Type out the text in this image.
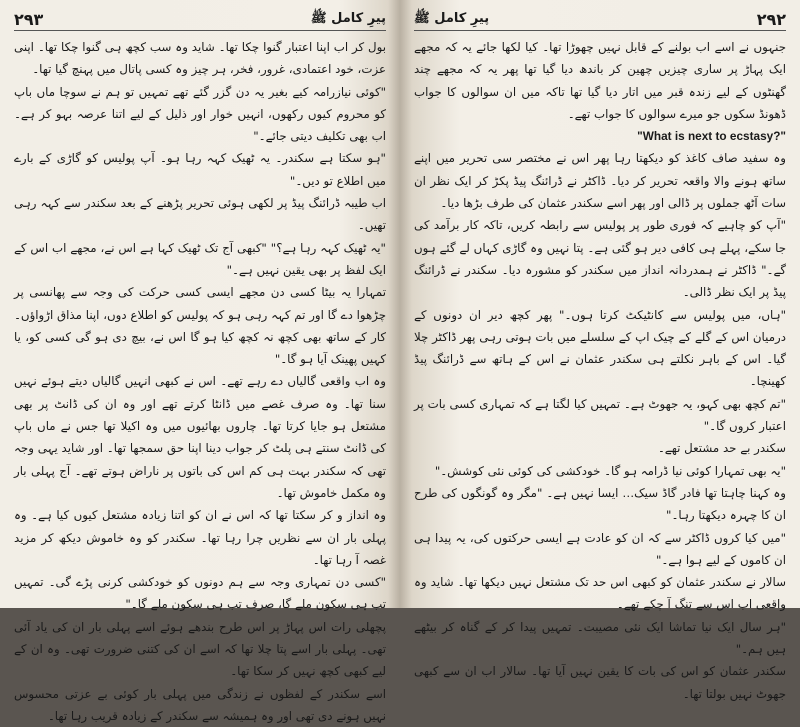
۲۹۳	پیرِ کامل ﷺ

بول کر اب اپنا اعتبار گنوا چکا تھا۔ شاید وہ سب کچھ ہی گنوا چکا تھا۔ اپنی عزت، خود اعتمادی، غرور، فخر، ہر چیز وہ کسی پاتال میں پہنچ گیا تھا۔

"کوئی نیازرامہ کیے بغیر یہ دن گزر گئے تھے تمہیں تو ہم نے سوچا ماں باپ کو محروم کیوں رکھوں، انہیں خوار اور ذلیل کے لیے اتنا عرصہ بہو کر ہے۔ اب بھی تکلیف دیتی جائے۔"

"ہو سکتا ہے سکندر۔ یہ ٹھیک کہہ رہا ہو۔ آپ پولیس کو گاڑی کے بارے میں اطلاع تو دیں۔"

اب طیبہ ڈرائنگ پیڈ پر لکھی ہوئی تحریر پڑھنے کے بعد سکندر سے کہہ رہی تھیں۔

"یہ ٹھیک کہہ رہا ہے؟" "کبھی آج تک ٹھیک کہا ہے اس نے، مجھے اب اس کے ایک لفظ پر بھی یقین نہیں ہے۔"

تمہارا یہ بیٹا کسی دن مجھے ایسی کسی حرکت کی وجہ سے پھانسی پر چڑھوا دے گا اور تم کہہ رہی ہو کہ پولیس کو اطلاع دوں، اپنا مذاق اڑواؤں۔ کار کے ساتھ بھی کچھ نہ کچھ کیا ہو گا اس نے، بیچ دی ہو گی کسی کو، یا کہیں پھینک آیا ہو گا۔"

وہ اب واقعی گالیاں دے رہے تھے۔ اس نے کبھی انہیں گالیاں دیتے ہوئے نہیں سنا تھا۔ وہ صرف غصے میں ڈانٹا کرتے تھے اور وہ ان کی ڈانٹ پر بھی مشتعل ہو جایا کرتا تھا۔ چاروں بھائیوں میں وہ اکیلا تھا جس نے ماں باپ کی ڈانٹ سنتے ہی پلٹ کر جواب دینا اپنا حق سمجھا تھا۔ اور شاید یہی وجہ تھی کہ سکندر بہت ہی کم اس کی باتوں پر ناراض ہوتے تھے۔ آج پہلی بار وہ مکمل خاموش تھا۔

وہ انداز و کر سکتا تھا کہ اس نے ان کو اتنا زیادہ مشتعل کیوں کیا ہے۔ وہ پہلی بار ان سے نظریں چرا رہا تھا۔ سکندر کو وہ خاموش دیکھ کر مزید غصہ آ رہا تھا۔

"کسی دن تمہاری وجہ سے ہم دونوں کو خودکشی کرنی پڑے گی۔ تمہیں تب ہی سکون ملے گا، صرف تب ہی سکون ملے گا۔"

پچھلی رات اس پہاڑ پر اس طرح بندھے ہوئے اسے پہلی بار ان کی یاد آئی تھی۔ پہلی بار اسے پتا چلا تھا کہ اسے ان کی کتنی ضرورت تھی۔ وہ ان کے لیے کبھی کچھ نہیں کر سکا تھا۔

اسے سکندر کے لفظوں نے زندگی میں پہلی بار کوئی بے عزتی محسوس نہیں ہونے دی تھی اور وہ ہمیشہ سے سکندر کے زیادہ قریب رہا تھا۔

پیرِ کامل ﷺ	۲۹۲

جنہوں نے اسے اب بولنے کے قابل نہیں چھوڑا تھا۔ کیا لکھا جائے یہ کہ مجھے ایک پہاڑ پر ساری چیزیں چھین کر باندھ دیا گیا تھا پھر یہ کہ مجھے چند گھنٹوں کے لیے زندہ قبر میں اتار دیا گیا تھا تاکہ میں ان سوالوں کا جواب ڈھونڈ سکوں جو میرے سوالوں کا جواب تھے۔

"What is next to ecstasy?"

وہ سفید صاف کاغذ کو دیکھتا رہا پھر اس نے مختصر سی تحریر میں اپنے ساتھ ہونے والا واقعہ تحریر کر دیا۔ ڈاکٹر نے ڈرائنگ پیڈ پکڑ کر ایک نظر ان سات آٹھ جملوں پر ڈالی اور پھر اسے سکندر عثمان کی طرف بڑھا دیا۔

"آپ کو چاہیے کہ فوری طور پر پولیس سے رابطہ کریں، تاکہ کار برآمد کی جا سکے، پہلے ہی کافی دیر ہو گئی ہے۔ پتا نہیں وہ گاڑی کہاں لے گئے ہوں گے۔" ڈاکٹر نے ہمدردانہ انداز میں سکندر کو مشورہ دیا۔ سکندر نے ڈرائنگ پیڈ پر ایک نظر ڈالی۔

"ہاں، میں پولیس سے کانٹیکٹ کرتا ہوں۔" پھر کچھ دیر ان دونوں کے درمیان اس کے گلے کے چیک اپ کے سلسلے میں بات ہوتی رہی پھر ڈاکٹر چلا گیا۔ اس کے باہر نکلتے ہی سکندر عثمان نے اس کے ہاتھ سے ڈرائنگ پیڈ کھینچا۔

"تم کچھ بھی کہو، یہ جھوٹ ہے۔ تمہیں کیا لگتا ہے کہ تمہاری کسی بات پر اعتبار کروں گا۔"

سکندر بے حد مشتعل تھے۔

"یہ بھی تمہارا کوئی نیا ڈرامہ ہو گا۔ خودکشی کی کوئی نئی کوشش۔"

وہ کہنا چاہتا تھا فادر گاڈ سیک… ایسا نہیں ہے۔ "مگر وہ گونگوں کی طرح ان کا چہرہ دیکھتا رہا۔"

"میں کیا کروں ڈاکٹر سے کہ ان کو عادت ہے ایسی حرکتوں کی، یہ پیدا ہی ان کاموں کے لیے ہوا ہے۔"

سالار نے سکندر عثمان کو کبھی اس حد تک مشتعل نہیں دیکھا تھا۔ شاید وہ واقعی اب اس سے تنگ آ چکے تھے۔

"ہر سال ایک نیا تماشا ایک نئی مصیبت۔ تمہیں پیدا کر کے گناہ کر بیٹھے ہیں ہم۔"

سکندر عثمان کو اس کی بات کا یقین نہیں آیا تھا۔ سالار اب ان سے کبھی جھوٹ نہیں بولتا تھا۔
